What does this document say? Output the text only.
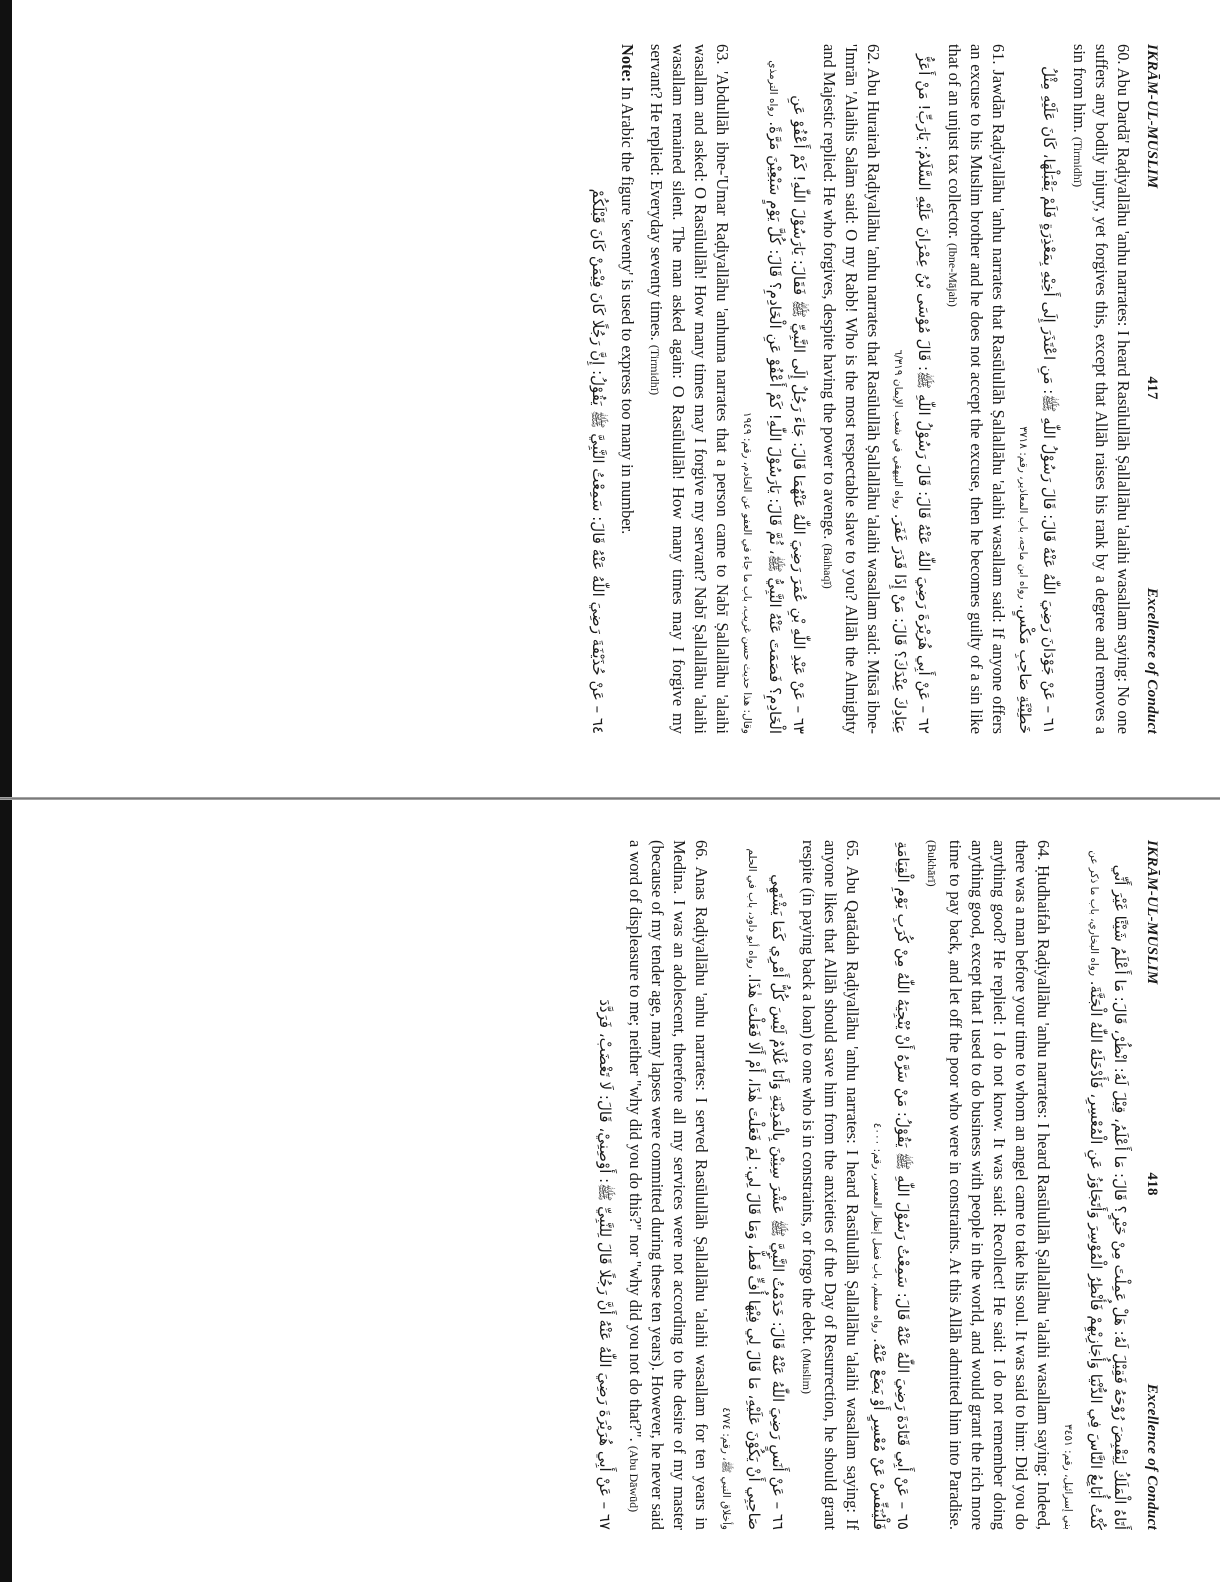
IKRĀM-UL-MUSLIM
417
Excellence of Conduct
60. Abu Dardā' Raḍiyallāhu 'anhu narrates: I heard Rasūlullāh Ṣallallāhu 'alaihi wasallam saying: No one suffers any bodily injury, yet forgives this, except that Allāh raises his rank by a degree and removes a sin from him. (Tirmidhī)
٦١ – عَنْ جَوْدَانَ رَضِيَ اللّٰهُ عَنْهُ قَالَ: قَالَ رَسُوْلُ اللّٰهِ ﷺ: مَنِ اعْتَذَرَ إِلَى أَخِيْهِ بِمَعْذِرَةٍ فَلَمْ يَقْبَلْهَا، كَانَ عَلَيْهِ مِثْلُ خَطِيْئَةِ صَاحِبِ مَكْسٍ. رواه ابن ماجه، باب المعاذير، رقم: ٣٧١٨
61. Jawdān Raḍiyallāhu 'anhu narrates that Rasūlullāh Ṣallallāhu 'alaihi wasallam said: If anyone offers an excuse to his Muslim brother and he does not accept the excuse, then he becomes guilty of a sin like that of an unjust tax collector. (Ibne-Mājah)
٦٢ – عَنْ أَبِي هُرَيْرَةَ رَضِيَ اللّٰهُ عَنْهُ قَالَ: قَالَ رَسُوْلُ اللّٰهِ ﷺ: قَالَ مُوْسَى بْنُ عِمْرَانَ عَلَيْهِ السَّلَامُ: يَارَبِّ! مَنْ أَعَزُّ عِبَادِكَ عِنْدَكَ؟ قَالَ: مَنْ إِذَا قَدَرَ غَفَرَ. رواه البيهقي في شعب الإيمان ٦/٣١٩
62. Abu Hurairah Raḍiyallāhu 'anhu narrates that Rasūlullāh Ṣallallāhu 'alaihi wasallam said: Mūsā ibne-'Imrān 'Alaihis Salām said: O my Rabb! Who is the most respectable slave to you? Allāh the Almighty and Majestic replied: He who forgives, despite having the power to avenge. (Baihaqī)
٦٣ – عَنْ عَبْدِ اللّٰهِ بْنِ عُمَرَ رَضِيَ اللّٰهُ عَنْهُمَا قَالَ: جَاءَ رَجُلٌ إِلَى النَّبِيِّ ﷺ فَقَالَ: يَارَسُوْلَ اللّٰهِ! كَمْ أَعْفُوْ عَنِ الْخَادِمِ؟ فَصَمَتَ عَنْهُ النَّبِيُّ ﷺ، ثُمَّ قَالَ: يَارَسُوْلَ اللّٰهِ! كَمْ أَعْفُوْ عَنِ الْخَادِمِ؟ قَالَ: كُلَّ يَوْمٍ سَبْعِيْنَ مَرَّةً. رواه الترمذي وقال: هذا حديث حسن غريب، باب ما جاء في العفو عن الخادم، رقم: ١٩٤٩
63. 'Abdullāh ibne-'Umar Raḍiyallāhu 'anhuma narrates that a person came to Nabī Ṣallallāhu 'alaihi wasallam and asked: O Rasūlullāh! How many times may I forgive my servant? Nabī Ṣallallāhu 'alaihi wasallam remained silent. The man asked again: O Rasūlullāh! How many times may I forgive my servant? He replied: Everyday seventy times. (Tirmidhī)
Note: In Arabic the figure 'seventy' is used to express too many in number.
٦٤ – عَنْ حُذَيْفَةَ رَضِيَ اللّٰهُ عَنْهُ قَالَ: سَمِعْتُ النَّبِيَّ ﷺ يَقُوْلُ: إِنَّ رَجُلًا كَانَ فِيْمَنْ كَانَ قَبْلَكُمْ
IKRĀM-UL-MUSLIM
418
Excellence of Conduct
أَتَاهُ الْمَلَكُ لِيَقْبِضَ رُوْحَهُ فَقِيْلَ لَهُ: هَلْ عَمِلْتَ مِنْ خَيْرٍ؟ قَالَ: مَا أَعْلَمُ، قِيْلَ لَهُ: انْظُرْ، قَالَ: مَا أَعْلَمُ شَيْئًا غَيْرَ أَنِّي كُنْتُ أُبَايِعُ النَّاسَ فِي الدُّنْيَا وَأُجَازِيْهِمْ فَأُنْظِرُ الْمُوْسِرَ وَأَتَجَاوَزُ عَنِ الْمُعْسِرِ، فَأَدْخَلَهُ اللّٰهُ الْجَنَّةَ. رواه البخاري، باب ما ذكر عن بني إسرائيل، رقم: ٣٤٥١
64. Ḥudhaifah Raḍiyallāhu 'anhu narrates: I heard Rasūlullāh Ṣallallāhu 'alaihi wasallam saying: Indeed, there was a man before your time to whom an angel came to take his soul. It was said to him: Did you do anything good? He replied: I do not know. It was said: Recollect! He said: I do not remember doing anything good, except that I used to do business with people in the world, and would grant the rich more time to pay back, and let off the poor who were in constraints. At this Allāh admitted him into Paradise. (Bukhārī)
٦٥ – عَنْ أَبِي قَتَادَةَ رَضِيَ اللّٰهُ عَنْهُ قَالَ: سَمِعْتُ رَسُوْلَ اللّٰهِ ﷺ يَقُوْلُ: مَنْ سَرَّهُ أَنْ يُنْجِيَهُ اللّٰهُ مِنْ كُرَبِ يَوْمِ الْقِيَامَةِ فَلْيُنَفِّسْ عَنْ مُعْسِرٍ أَوْ يَضَعْ عَنْهُ. رواه مسلم، باب فضل إنظار المعسر، رقم: ٤٠٠٠
65. Abu Qatādah Raḍiyallāhu 'anhu narrates: I heard Rasūlullāh Ṣallallāhu 'alaihi wasallam saying: If anyone likes that Allāh should save him from the anxieties of the Day of Resurrection, he should grant respite (in paying back a loan) to one who is in constraints, or forgo the debt. (Muslim)
٦٦ – عَنْ أَنَسٍ رَضِيَ اللّٰهُ عَنْهُ قَالَ: خَدَمْتُ النَّبِيَّ ﷺ عَشْرَ سِنِيْنَ بِالْمَدِيْنَةِ وَأَنَا غُلَامٌ لَيْسَ كُلُّ أَمْرِي كَمَا يَشْتَهِي صَاحِبِي أَنْ يَكُوْنَ عَلَيْهِ، مَا قَالَ لِي فِيْهَا أُفٍّ قَطُّ، وَمَا قَالَ لِي: لِمَ فَعَلْتَ هٰذَا، أَمْ أَلَا فَعَلْتَ هٰذَا. رواه أبو داود، باب في الحلم وأخلاق النبي ﷺ، رقم: ٤٧٧٤
66. Anas Raḍiyallāhu 'anhu narrates: I served Rasūlullāh Ṣallallāhu 'alaihi wasallam for ten years in Medina. I was an adolescent, therefore all my services were not according to the desire of my master (because of my tender age, many lapses were committed during these ten years). However, he never said a word of displeasure to me; neither "why did you do this?" nor "why did you not do that?". (Abu Dāwūd)
٦٧ – عَنْ أَبِي هُرَيْرَةَ رَضِيَ اللّٰهُ عَنْهُ أَنَّ رَجُلًا قَالَ لِلنَّبِيِّ ﷺ: أَوْصِنِيْ، قَالَ: لَا تَغْضَبْ، فَرَدَّدَ
